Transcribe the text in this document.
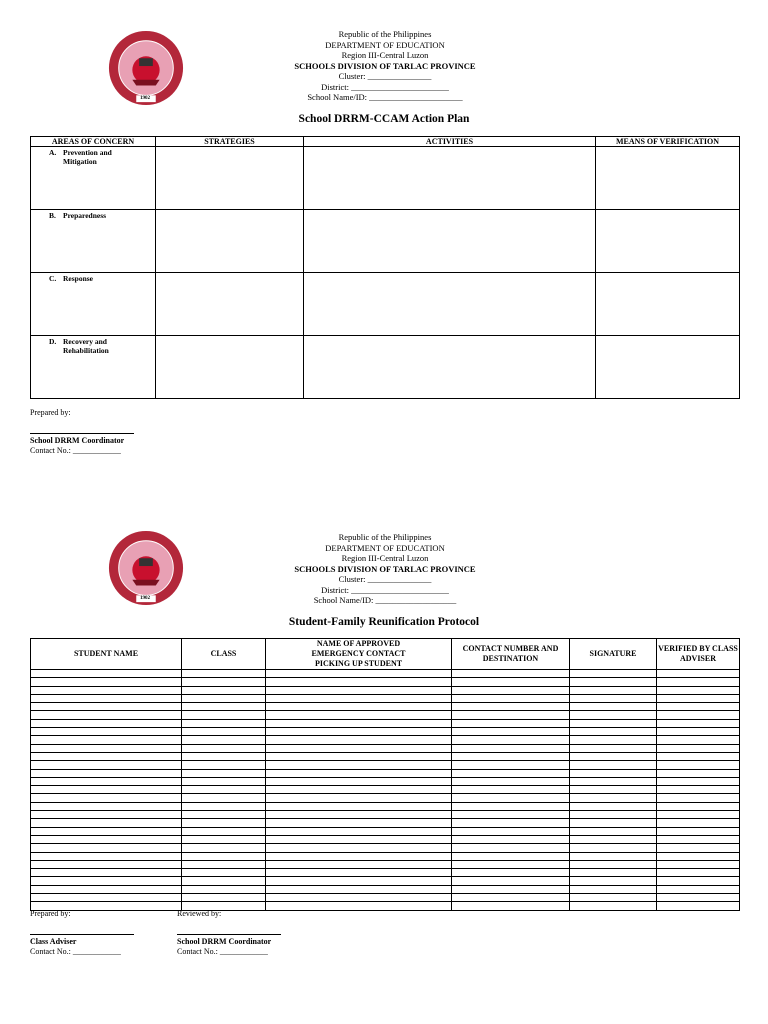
1902
Republic of the Philippines
DEPARTMENT OF EDUCATION
Region III-Central Luzon
SCHOOLS DIVISION OF TARLAC PROVINCE
Cluster: _______________
District: _______________________
School Name/ID: ______________________
School DRRM-CCAM Action Plan
AREAS OF CONCERN	STRATEGIES	ACTIVITIES	MEANS OF VERIFICATION

A. Prevention and Mitigation			

B. Preparedness			

C. Response			

D. Recovery and Rehabilitation			

Prepared by:
School DRRM Coordinator
Contact No.: ____________
1902
Republic of the Philippines
DEPARTMENT OF EDUCATION
Region III-Central Luzon
SCHOOLS DIVISION OF TARLAC PROVINCE
Cluster: _______________
District: _______________________
School Name/ID: ___________________
Student-Family Reunification Protocol
STUDENT NAME	CLASS	NAME OF APPROVED EMERGENCY CONTACT PICKING UP STUDENT	CONTACT NUMBER AND DESTINATION	SIGNATURE	VERIFIED BY CLASS ADVISER

Prepared by:	Reviewed by:
Class Adviser
Contact No.: ____________
School DRRM Coordinator
Contact No.: ____________
